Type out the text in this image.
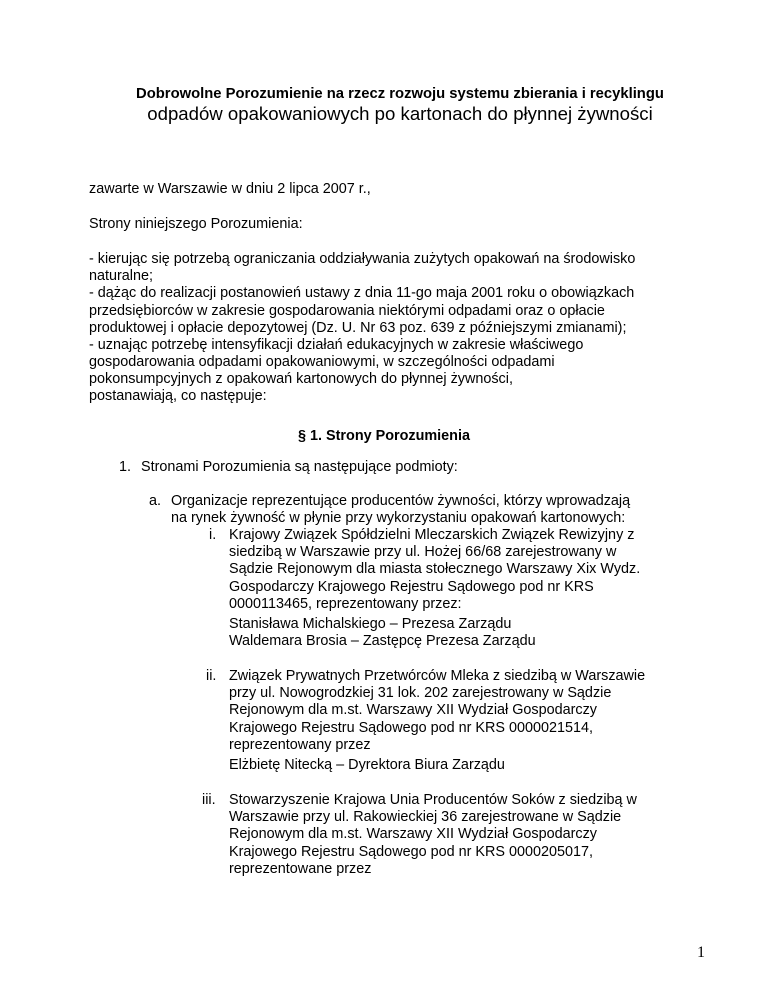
Dobrowolne Porozumienie na rzecz rozwoju systemu zbierania i recyklingu
odpadów opakowaniowych po kartonach do płynnej żywności
zawarte w Warszawie w dniu 2 lipca 2007 r.,
Strony niniejszego Porozumienia:
- kierując się potrzebą ograniczania oddziaływania zużytych opakowań na środowisko
naturalne;
- dążąc do realizacji postanowień ustawy z dnia 11-go maja 2001 roku o obowiązkach
przedsiębiorców w zakresie gospodarowania niektórymi odpadami oraz o opłacie
produktowej i opłacie depozytowej (Dz. U. Nr 63 poz. 639 z późniejszymi zmianami);
- uznając potrzebę intensyfikacji działań edukacyjnych w zakresie właściwego
gospodarowania odpadami opakowaniowymi, w szczególności odpadami
pokonsumpcyjnych z opakowań kartonowych do płynnej żywności,
postanawiają, co następuje:
§ 1. Strony Porozumienia
1. Stronami Porozumienia są następujące podmioty:
a. Organizacje reprezentujące producentów żywności, którzy wprowadzają
na rynek żywność w płynie przy wykorzystaniu opakowań kartonowych:
i. Krajowy Związek Spółdzielni Mleczarskich Związek Rewizyjny z
siedzibą w Warszawie przy ul. Hożej 66/68 zarejestrowany w
Sądzie Rejonowym dla miasta stołecznego Warszawy Xix Wydz.
Gospodarczy Krajowego Rejestru Sądowego pod nr KRS
0000113465, reprezentowany przez:
Stanisława Michalskiego – Prezesa Zarządu
Waldemara Brosia – Zastępcę Prezesa Zarządu
ii. Związek Prywatnych Przetwórców Mleka z siedzibą w Warszawie
przy ul. Nowogrodzkiej 31 lok. 202 zarejestrowany w Sądzie
Rejonowym dla m.st. Warszawy XII Wydział Gospodarczy
Krajowego Rejestru Sądowego pod nr KRS 0000021514,
reprezentowany przez
Elżbietę Nitecką – Dyrektora Biura Zarządu
iii. Stowarzyszenie Krajowa Unia Producentów Soków z siedzibą w
Warszawie przy ul. Rakowieckiej 36 zarejestrowane w Sądzie
Rejonowym dla m.st. Warszawy XII Wydział Gospodarczy
Krajowego Rejestru Sądowego pod nr KRS 0000205017,
reprezentowane przez
1
